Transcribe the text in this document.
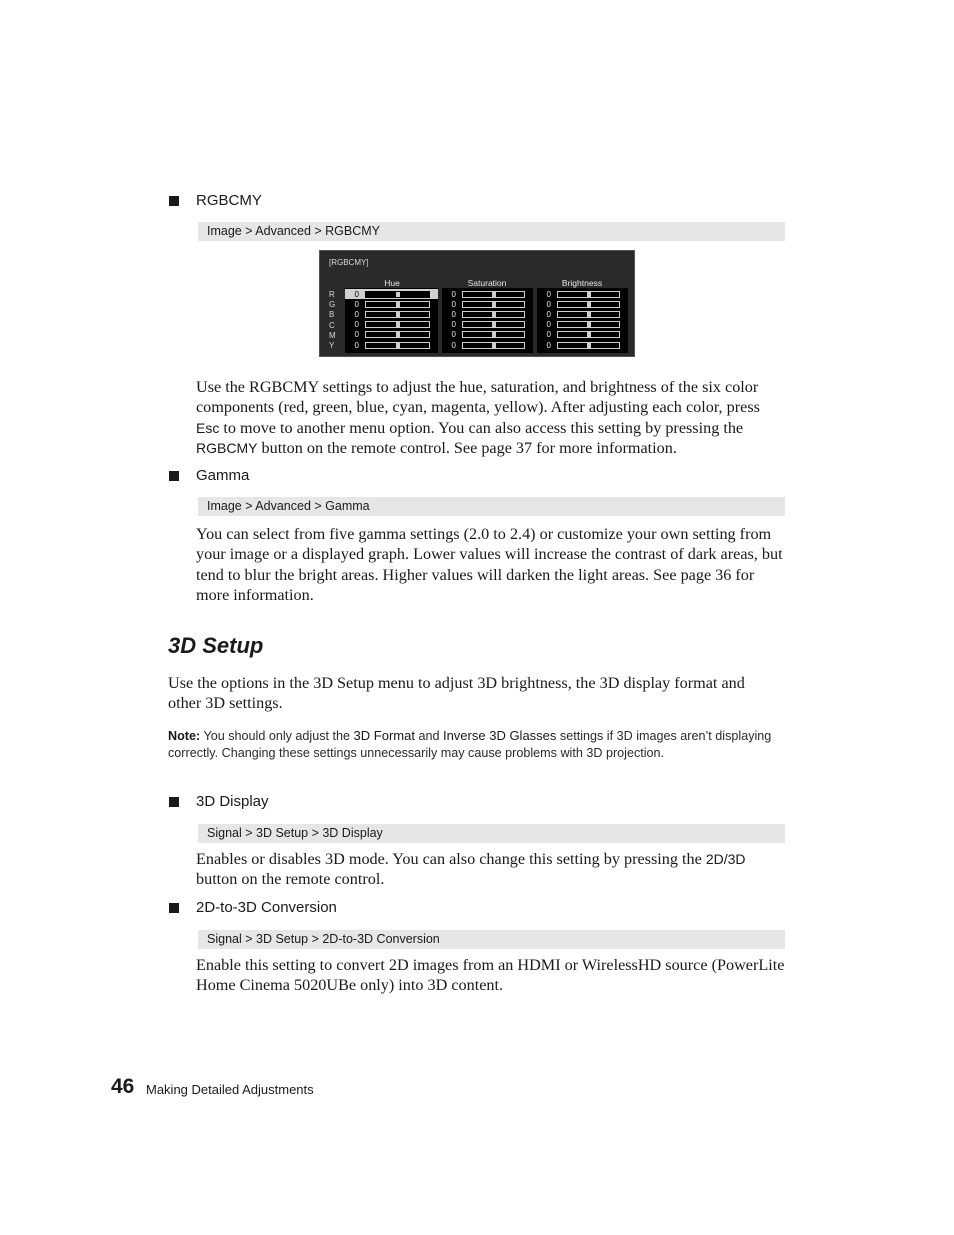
RGBCMY
Image > Advanced > RGBCMY
[RGBCMY]
Hue	Saturation	Brightness
R
G
B
C
M
Y
0
0
0
0
0
0
0
0
0
0
0
0
0
0
0
0
0
0
Use the RGBCMY settings to adjust the hue, saturation, and brightness of the six color components (red, green, blue, cyan, magenta, yellow). After adjusting each color, press Esc to move to another menu option. You can also access this setting by pressing the RGBCMY button on the remote control. See page 37 for more information.
Gamma
Image > Advanced > Gamma
You can select from five gamma settings (2.0 to 2.4) or customize your own setting from your image or a displayed graph. Lower values will increase the contrast of dark areas, but tend to blur the bright areas. Higher values will darken the light areas. See page 36 for more information.
3D Setup
Use the options in the 3D Setup menu to adjust 3D brightness, the 3D display format and other 3D settings.
Note: You should only adjust the 3D Format and Inverse 3D Glasses settings if 3D images aren’t displaying correctly. Changing these settings unnecessarily may cause problems with 3D projection.
3D Display
Signal > 3D Setup > 3D Display
Enables or disables 3D mode. You can also change this setting by pressing the 2D/3D button on the remote control.
2D-to-3D Conversion
Signal > 3D Setup > 2D-to-3D Conversion
Enable this setting to convert 2D images from an HDMI or WirelessHD source (PowerLite Home Cinema 5020UBe only) into 3D content.
46 Making Detailed Adjustments
